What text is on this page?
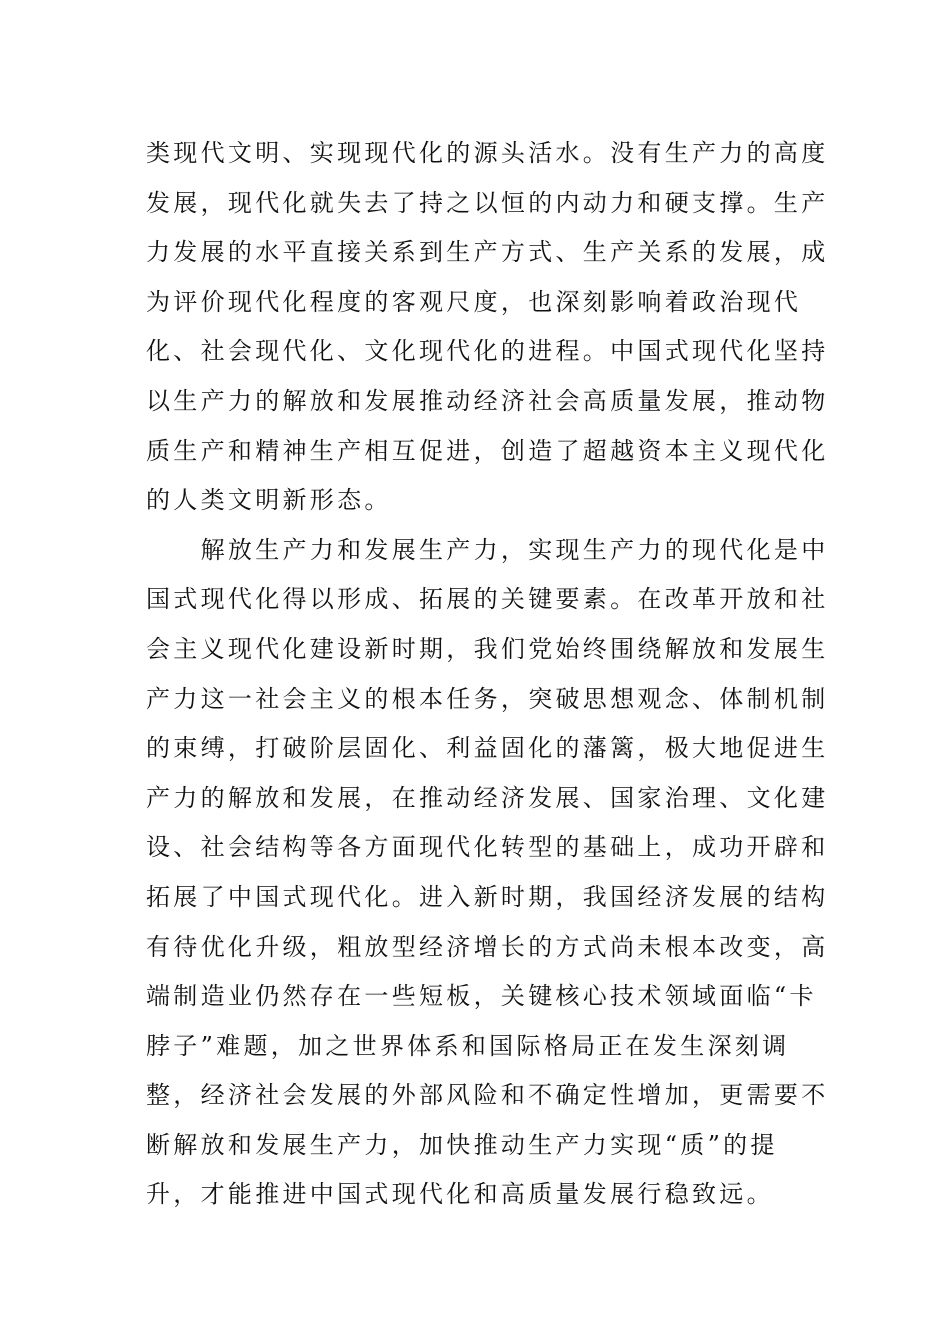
类现代文明、实现现代化的源头活水。没有生产力的高度
发展，现代化就失去了持之以恒的内动力和硬支撑。生产
力发展的水平直接关系到生产方式、生产关系的发展，成
为评价现代化程度的客观尺度，也深刻影响着政治现代
化、社会现代化、文化现代化的进程。中国式现代化坚持
以生产力的解放和发展推动经济社会高质量发展，推动物
质生产和精神生产相互促进，创造了超越资本主义现代化
的人类文明新形态。
　　解放生产力和发展生产力，实现生产力的现代化是中
国式现代化得以形成、拓展的关键要素。在改革开放和社
会主义现代化建设新时期，我们党始终围绕解放和发展生
产力这一社会主义的根本任务，突破思想观念、体制机制
的束缚，打破阶层固化、利益固化的藩篱，极大地促进生
产力的解放和发展，在推动经济发展、国家治理、文化建
设、社会结构等各方面现代化转型的基础上，成功开辟和
拓展了中国式现代化。进入新时期，我国经济发展的结构
有待优化升级，粗放型经济增长的方式尚未根本改变，高
端制造业仍然存在一些短板，关键核心技术领域面临“卡
脖子”难题，加之世界体系和国际格局正在发生深刻调
整，经济社会发展的外部风险和不确定性增加，更需要不
断解放和发展生产力，加快推动生产力实现“质”的提
升，才能推进中国式现代化和高质量发展行稳致远。
